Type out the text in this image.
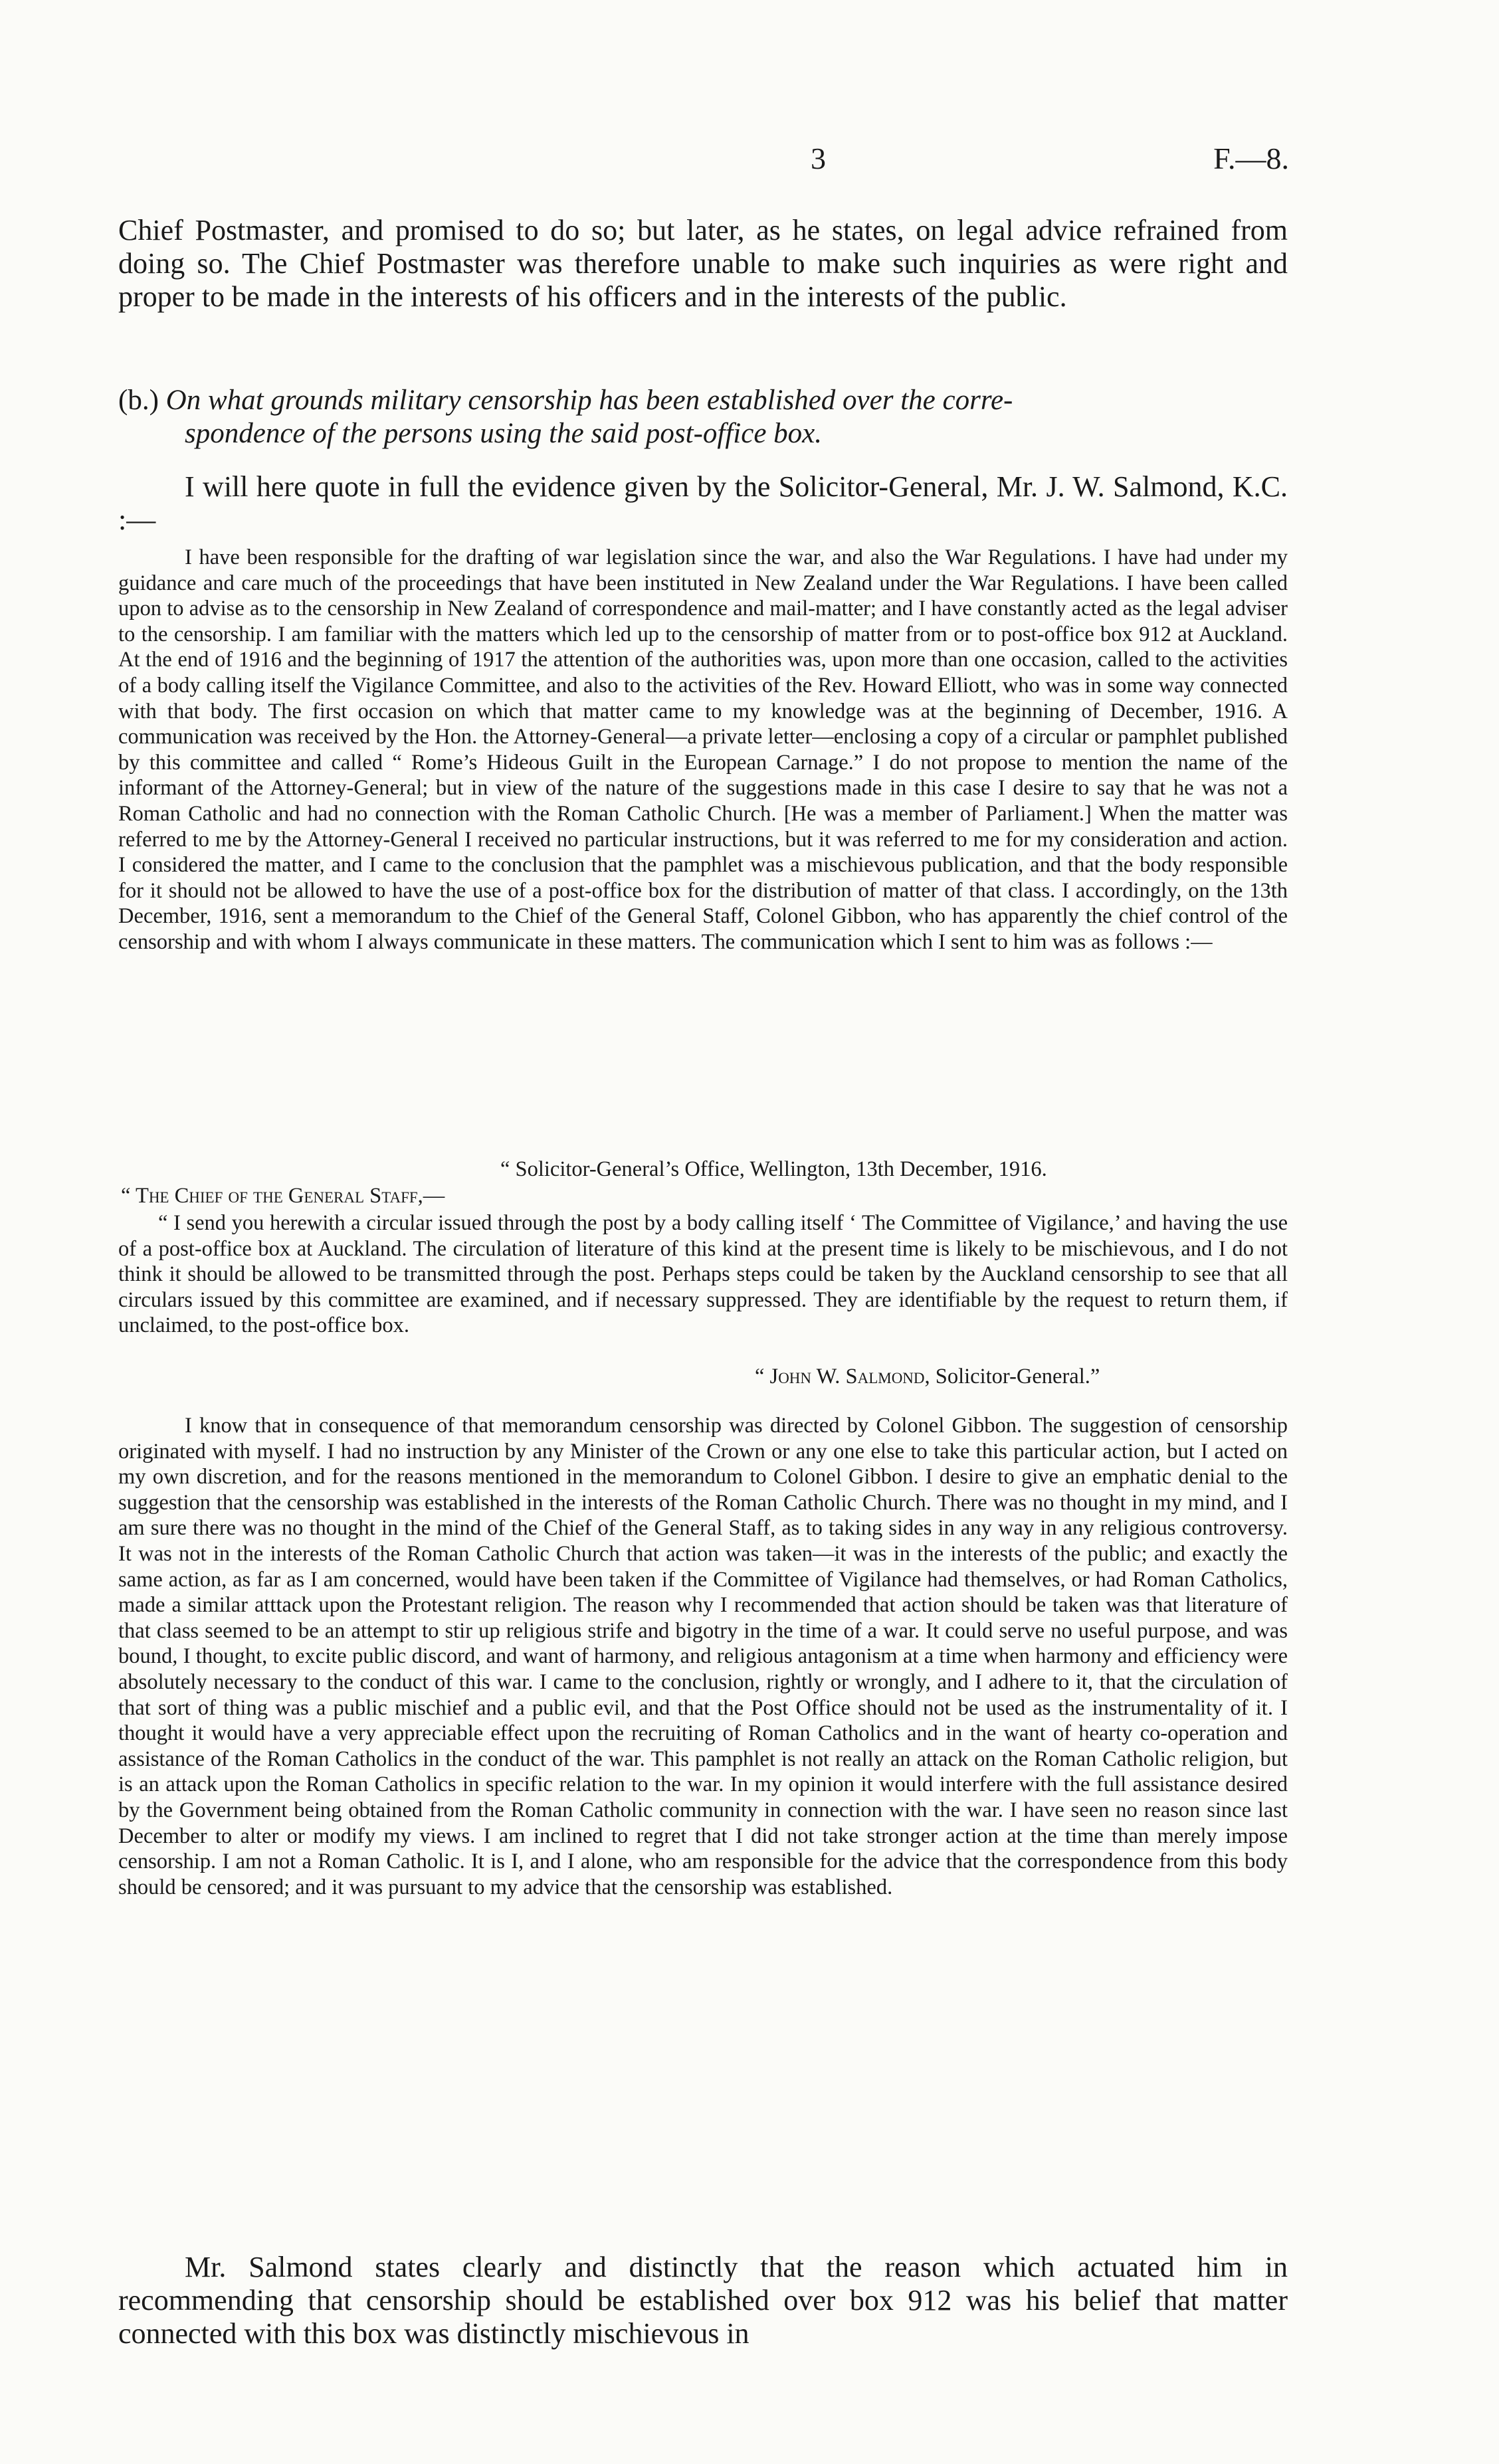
3	F.—8.

Chief Postmaster, and promised to do so; but later, as he states, on legal advice refrained from doing so. The Chief Postmaster was therefore unable to make such inquiries as were right and proper to be made in the interests of his officers and in the interests of the public.

(b.) On what grounds military censorship has been established over the corre-
spondence of the persons using the said post-office box.

I will here quote in full the evidence given by the Solicitor-General, Mr. J. W. Salmond, K.C. :—

I have been responsible for the drafting of war legislation since the war, and also the War Regulations. I have had under my guidance and care much of the proceedings that have been instituted in New Zealand under the War Regulations. I have been called upon to advise as to the censorship in New Zealand of correspondence and mail-matter; and I have constantly acted as the legal adviser to the censorship. I am familiar with the matters which led up to the censorship of matter from or to post-office box 912 at Auckland. At the end of 1916 and the beginning of 1917 the attention of the authorities was, upon more than one occasion, called to the activities of a body calling itself the Vigilance Committee, and also to the activities of the Rev. Howard Elliott, who was in some way connected with that body. The first occasion on which that matter came to my knowledge was at the beginning of December, 1916. A communication was received by the Hon. the Attorney-General—a private letter—enclosing a copy of a circular or pamphlet published by this committee and called “ Rome’s Hideous Guilt in the European Carnage.” I do not propose to mention the name of the informant of the Attorney-General; but in view of the nature of the suggestions made in this case I desire to say that he was not a Roman Catholic and had no connection with the Roman Catholic Church. [He was a member of Parliament.] When the matter was referred to me by the Attorney-General I received no particular instructions, but it was referred to me for my consideration and action. I considered the matter, and I came to the conclusion that the pamphlet was a mischievous publication, and that the body responsible for it should not be allowed to have the use of a post-office box for the distribution of matter of that class. I accordingly, on the 13th December, 1916, sent a memorandum to the Chief of the General Staff, Colonel Gibbon, who has apparently the chief control of the censorship and with whom I always communicate in these matters. The communication which I sent to him was as follows :—

“ Solicitor-General’s Office, Wellington, 13th December, 1916.
“ The Chief of the General Staff,—

“ I send you herewith a circular issued through the post by a body calling itself ‘ The Committee of Vigilance,’ and having the use of a post-office box at Auckland. The circulation of literature of this kind at the present time is likely to be mischievous, and I do not think it should be allowed to be transmitted through the post. Perhaps steps could be taken by the Auckland censorship to see that all circulars issued by this committee are examined, and if necessary suppressed. They are identifiable by the request to return them, if unclaimed, to the post-office box.

“ John W. Salmond, Solicitor-General.”

I know that in consequence of that memorandum censorship was directed by Colonel Gibbon. The suggestion of censorship originated with myself. I had no instruction by any Minister of the Crown or any one else to take this particular action, but I acted on my own discretion, and for the reasons mentioned in the memorandum to Colonel Gibbon. I desire to give an emphatic denial to the suggestion that the censorship was established in the interests of the Roman Catholic Church. There was no thought in my mind, and I am sure there was no thought in the mind of the Chief of the General Staff, as to taking sides in any way in any religious controversy. It was not in the interests of the Roman Catholic Church that action was taken—it was in the interests of the public; and exactly the same action, as far as I am concerned, would have been taken if the Committee of Vigilance had themselves, or had Roman Catholics, made a similar atttack upon the Protestant religion. The reason why I recommended that action should be taken was that literature of that class seemed to be an attempt to stir up religious strife and bigotry in the time of a war. It could serve no useful purpose, and was bound, I thought, to excite public discord, and want of harmony, and religious antagonism at a time when harmony and efficiency were absolutely necessary to the conduct of this war. I came to the conclusion, rightly or wrongly, and I adhere to it, that the circulation of that sort of thing was a public mischief and a public evil, and that the Post Office should not be used as the instrumentality of it. I thought it would have a very appreciable effect upon the recruiting of Roman Catholics and in the want of hearty co-operation and assistance of the Roman Catholics in the conduct of the war. This pamphlet is not really an attack on the Roman Catholic religion, but is an attack upon the Roman Catholics in specific relation to the war. In my opinion it would interfere with the full assistance desired by the Government being obtained from the Roman Catholic community in connection with the war. I have seen no reason since last December to alter or modify my views. I am inclined to regret that I did not take stronger action at the time than merely impose censorship. I am not a Roman Catholic. It is I, and I alone, who am responsible for the advice that the correspondence from this body should be censored; and it was pursuant to my advice that the censorship was established.

Mr. Salmond states clearly and distinctly that the reason which actuated him in recommending that censorship should be established over box 912 was his belief that matter connected with this box was distinctly mischievous in
